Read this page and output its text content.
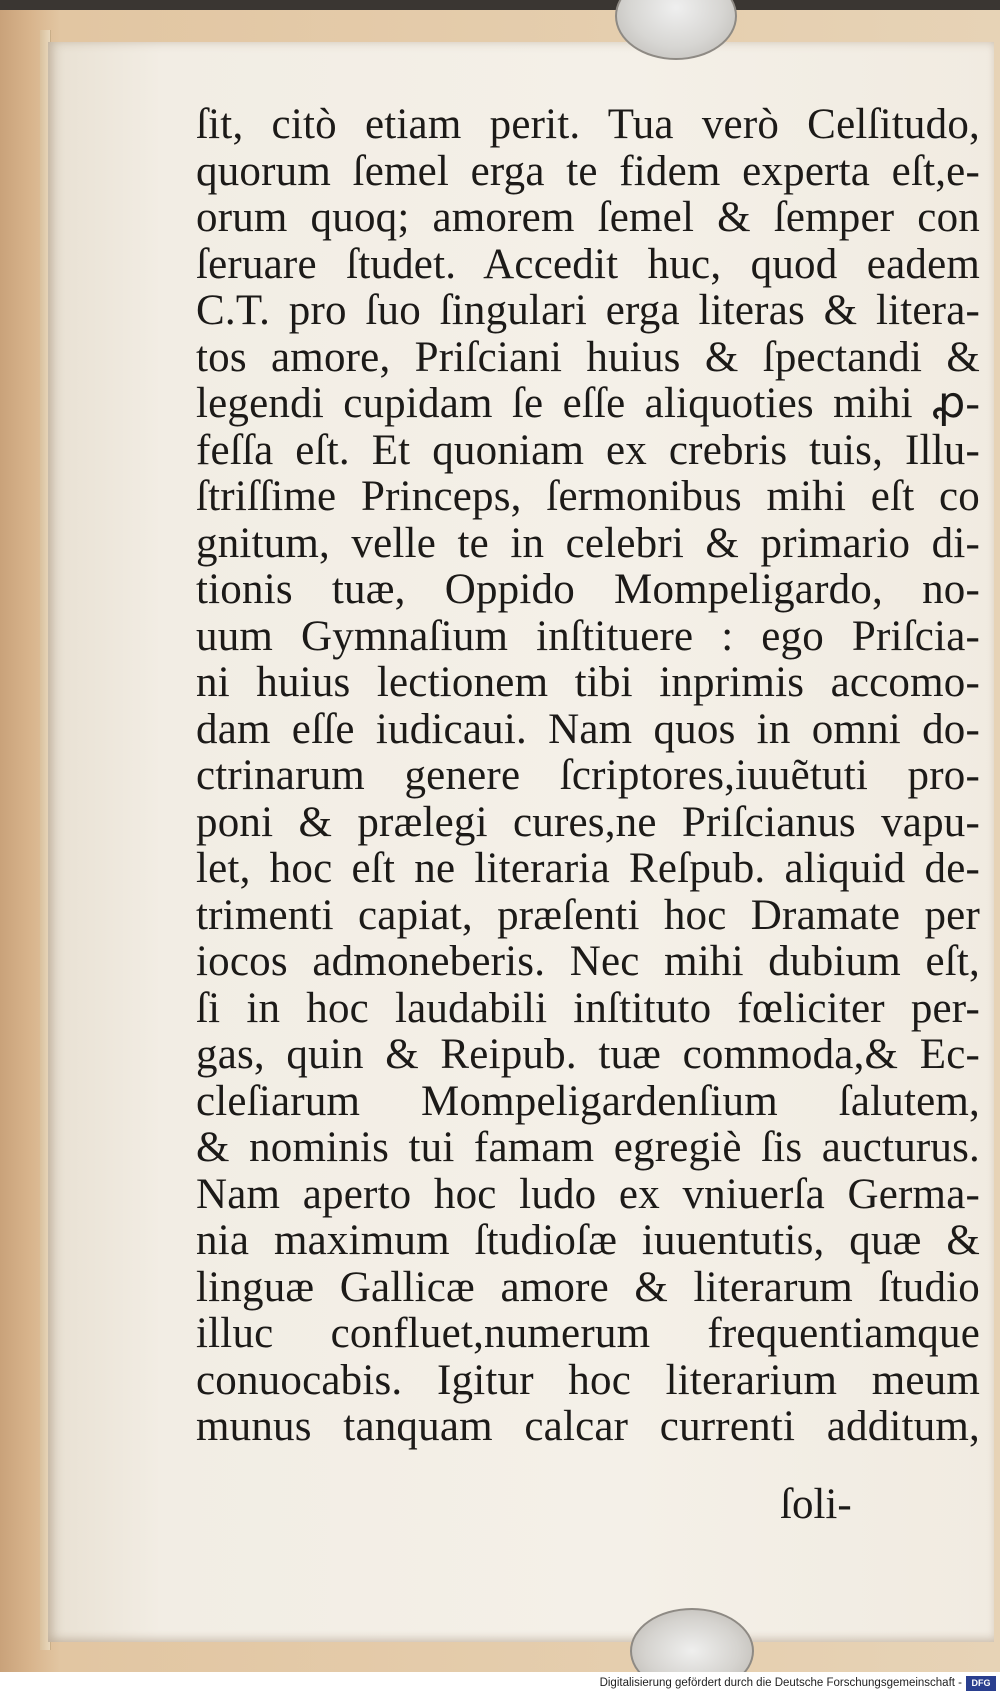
ſit, citò etiam perit. Tua verò Celſitudo,
quorum ſemel erga te fidem experta eſt,e-
orum quoq; amorem ſemel & ſemper con
ſeruare ſtudet. Accedit huc, quod eadem
C.T. pro ſuo ſingulari erga literas & litera-
tos amore, Priſciani huius & ſpectandi &
legendi cupidam ſe eſſe aliquoties mihi ꝓ-
feſſa eſt. Et quoniam ex crebris tuis, Illu-
ſtriſſime Princeps, ſermonibus mihi eſt co
gnitum, velle te in celebri & primario di-
tionis tuæ, Oppido Mompeligardo, no-
uum Gymnaſium inſtituere : ego Priſcia-
ni huius lectionem tibi inprimis accomo-
dam eſſe iudicaui. Nam quos in omni do-
ctrinarum genere ſcriptores,iuuẽtuti pro-
poni & prælegi cures,ne Priſcianus vapu-
let, hoc eſt ne literaria Reſpub. aliquid de-
trimenti capiat, præſenti hoc Dramate per
iocos admoneberis. Nec mihi dubium eſt,
ſi in hoc laudabili inſtituto fœliciter per-
gas, quin & Reipub. tuæ commoda,& Ec-
cleſiarum Mompeligardenſium ſalutem,
& nominis tui famam egregiè ſis aucturus.
Nam aperto hoc ludo ex vniuerſa Germa-
nia maximum ſtudioſæ iuuentutis, quæ &
linguæ Gallicæ amore & literarum ſtudio
illuc confluet,numerum frequentiamque
conuocabis. Igitur hoc literarium meum
munus tanquam calcar currenti additum,
ſoli-
Digitalisierung gefördert durch die Deutsche Forschungsgemeinschaft -	DFG
